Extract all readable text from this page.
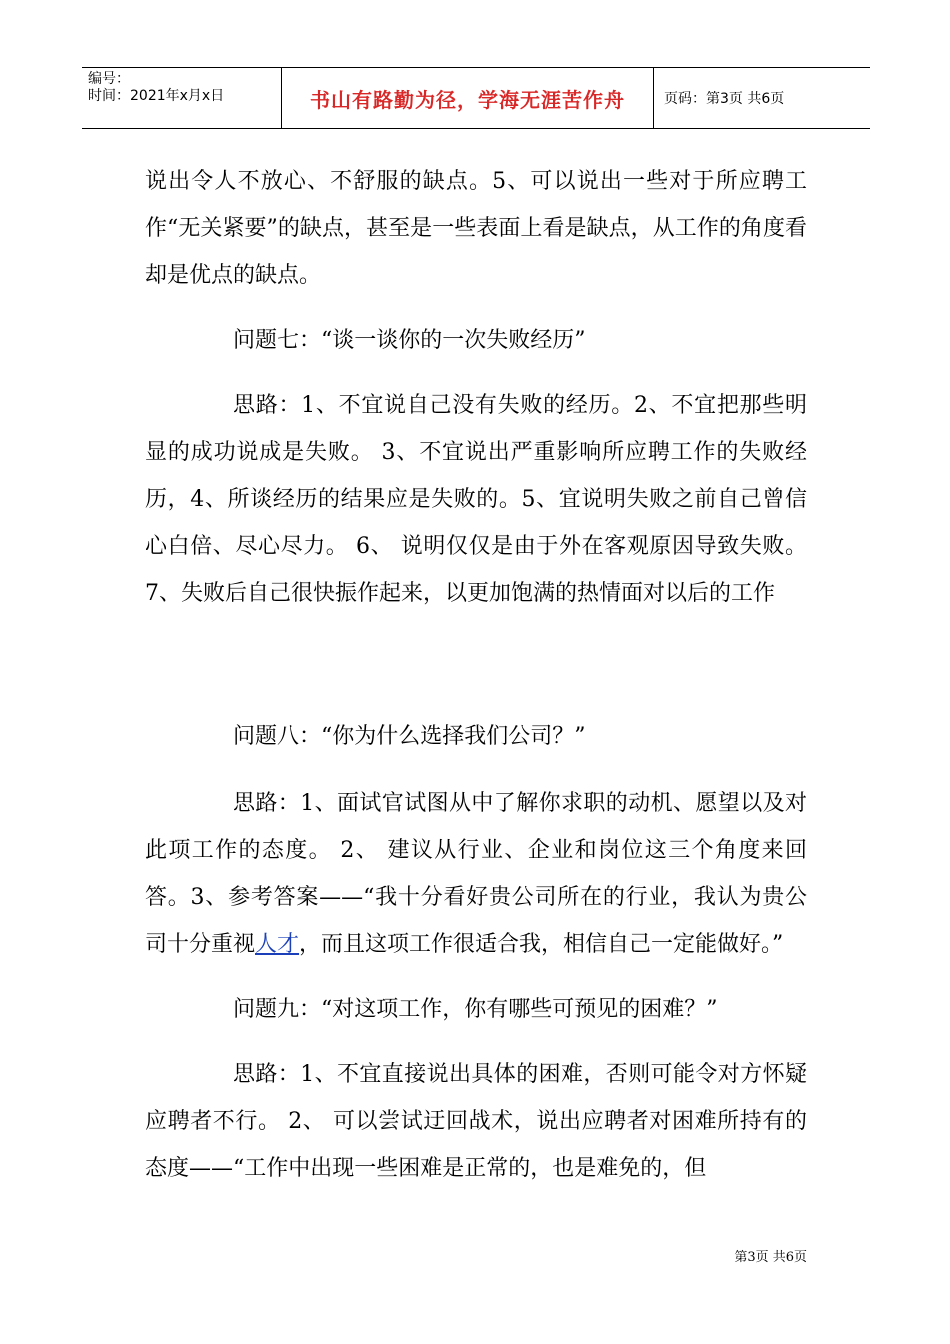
编号：
时间：2021年x月x日	书山有路勤为径，学海无涯苦作舟	页码：第3页 共6页

说出令人不放心、不舒服的缺点。5、可以说出一些对于所应聘工作“无关紧要”的缺点，甚至是一些表面上看是缺点，从工作的角度看却是优点的缺点。

问题七：“谈一谈你的一次失败经历”

思路：1、不宜说自己没有失败的经历。2、不宜把那些明显的成功说成是失败。 3、不宜说出严重影响所应聘工作的失败经历，4、所谈经历的结果应是失败的。5、宜说明失败之前自己曾信心白倍、尽心尽力。 6、 说明仅仅是由于外在客观原因导致失败。7、失败后自己很快振作起来，以更加饱满的热情面对以后的工作

问题八：“你为什么选择我们公司？”

思路：1、面试官试图从中了解你求职的动机、愿望以及对此项工作的态度。 2、 建议从行业、企业和岗位这三个角度来回答。3、参考答案——“我十分看好贵公司所在的行业，我认为贵公司十分重视人才，而且这项工作很适合我，相信自己一定能做好。”

问题九：“对这项工作，你有哪些可预见的困难？”

思路：1、不宜直接说出具体的困难，否则可能令对方怀疑应聘者不行。 2、 可以尝试迂回战术，说出应聘者对困难所持有的态度——“工作中出现一些困难是正常的，也是难免的，但

第3页 共6页
